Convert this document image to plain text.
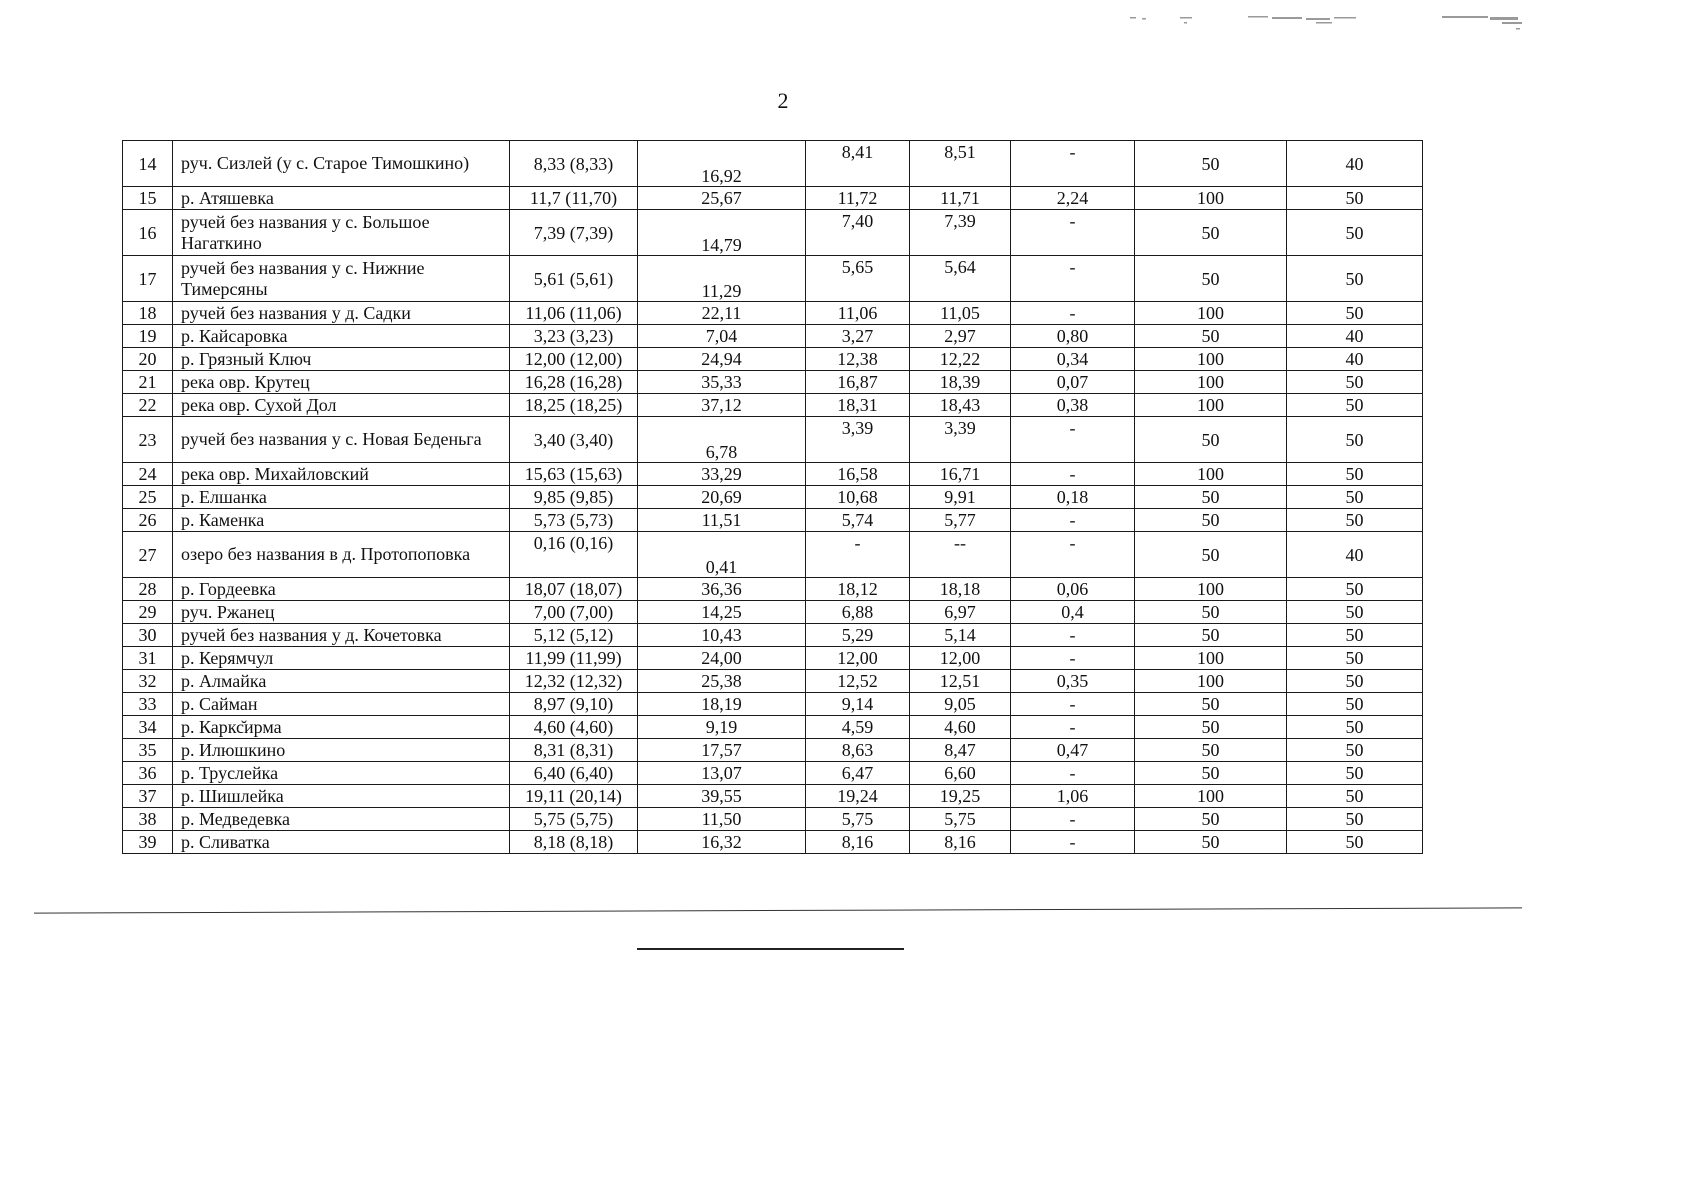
2
14	руч. Сизлей (у с. Старое Тимошкино)	8,33 (8,33)	16,92	8,41	8,51	-	50	40
15	р. Атяшевка	11,7 (11,70)	25,67	11,72	11,71	2,24	100	50
16	ручей без названия у с. Большое Нагаткино	7,39 (7,39)	14,79	7,40	7,39	-	50	50
17	ручей без названия у с. Нижние Тимерсяны	5,61 (5,61)	11,29	5,65	5,64	-	50	50
18	ручей без названия у д. Садки	11,06 (11,06)	22,11	11,06	11,05	-	100	50
19	р. Кайсаровка	3,23 (3,23)	7,04	3,27	2,97	0,80	50	40
20	р. Грязный Ключ	12,00 (12,00)	24,94	12,38	12,22	0,34	100	40
21	река овр. Крутец	16,28 (16,28)	35,33	16,87	18,39	0,07	100	50
22	река овр. Сухой Дол	18,25 (18,25)	37,12	18,31	18,43	0,38	100	50
23	ручей без названия у с. Новая Беденьга	3,40 (3,40)	6,78	3,39	3,39	-	50	50
24	река овр. Михайловский	15,63 (15,63)	33,29	16,58	16,71	-	100	50
25	р. Елшанка	9,85 (9,85)	20,69	10,68	9,91	0,18	50	50
26	р. Каменка	5,73 (5,73)	11,51	5,74	5,77	-	50	50
27	озеро без названия в д. Протопоповка	0,16 (0,16)	0,41	-	--	-	50	40
28	р. Гордеевка	18,07 (18,07)	36,36	18,12	18,18	0,06	100	50
29	руч. Ржанец	7,00 (7,00)	14,25	6,88	6,97	0,4	50	50
30	ручей без названия у д. Кочетовка	5,12 (5,12)	10,43	5,29	5,14	-	50	50
31	р. Керямчул	11,99 (11,99)	24,00	12,00	12,00	-	100	50
32	р. Алмайка	12,32 (12,32)	25,38	12,52	12,51	0,35	100	50
33	р. Сайман	8,97 (9,10)	18,19	9,14	9,05	-	50	50
34	р. Каркс̆ирма	4,60 (4,60)	9,19	4,59	4,60	-	50	50
35	р. Илюшкино	8,31 (8,31)	17,57	8,63	8,47	0,47	50	50
36	р. Труслейка	6,40 (6,40)	13,07	6,47	6,60	-	50	50
37	р. Шишлейка	19,11 (20,14)	39,55	19,24	19,25	1,06	100	50
38	р. Медведевка	5,75 (5,75)	11,50	5,75	5,75	-	50	50
39	р. Сливатка	8,18 (8,18)	16,32	8,16	8,16	-	50	50
